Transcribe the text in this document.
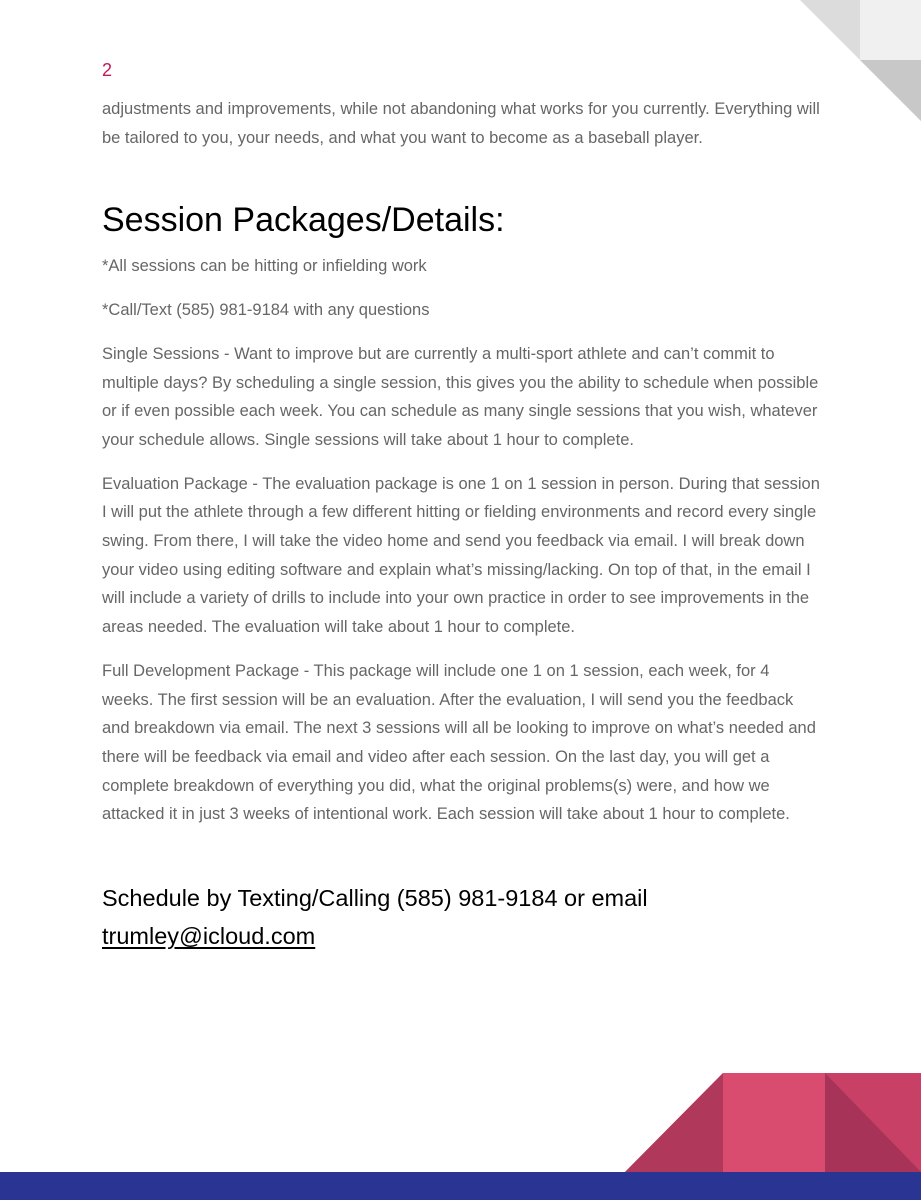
2

adjustments and improvements, while not abandoning what works for you currently. Everything will be tailored to you, your needs, and what you want to become as a baseball player.

Session Packages/Details:

*All sessions can be hitting or infielding work

*Call/Text (585) 981-9184 with any questions

Single Sessions - Want to improve but are currently a multi-sport athlete and can’t commit to multiple days? By scheduling a single session, this gives you the ability to schedule when possible or if even possible each week. You can schedule as many single sessions that you wish, whatever your schedule allows. Single sessions will take about 1 hour to complete.

Evaluation Package - The evaluation package is one 1 on 1 session in person. During that session I will put the athlete through a few different hitting or fielding environments and record every single swing. From there, I will take the video home and send you feedback via email. I will break down your video using editing software and explain what’s missing/lacking. On top of that, in the email I will include a variety of drills to include into your own practice in order to see improvements in the areas needed. The evaluation will take about 1 hour to complete.

Full Development Package - This package will include one 1 on 1 session, each week, for 4 weeks. The first session will be an evaluation. After the evaluation, I will send you the feedback and breakdown via email. The next 3 sessions will all be looking to improve on what’s needed and there will be feedback via email and video after each session. On the last day, you will get a complete breakdown of everything you did, what the original problems(s) were, and how we attacked it in just 3 weeks of intentional work. Each session will take about 1 hour to complete.

Schedule by Texting/Calling (585) 981-9184 or email
trumley@icloud.com
